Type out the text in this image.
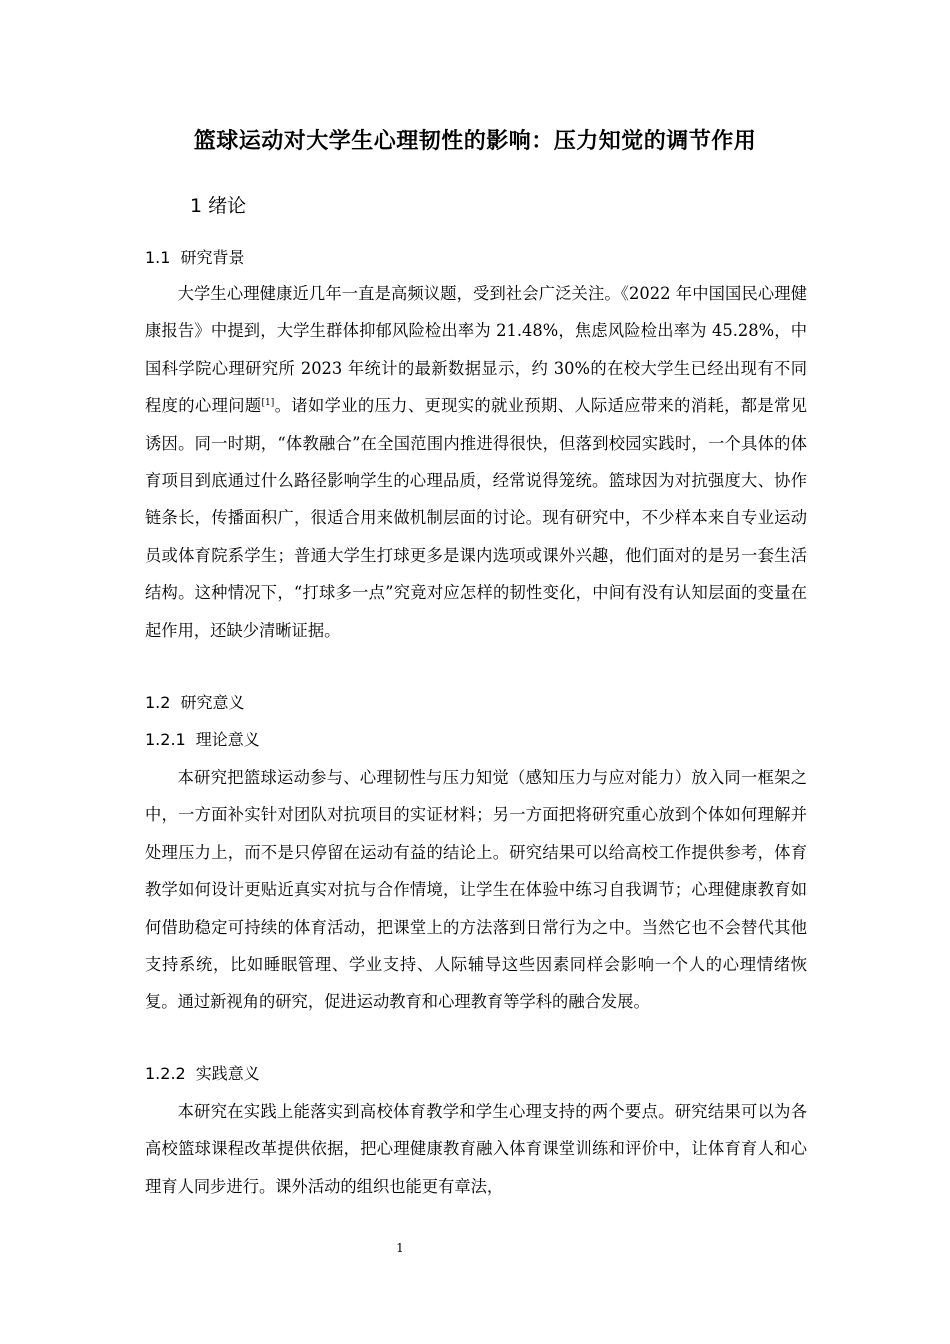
篮球运动对大学生心理韧性的影响：压力知觉的调节作用
1 绪论
1.1 研究背景

大学生心理健康近几年一直是高频议题，受到社会广泛关注。《2022 年中国国民心理健康报告》中提到，大学生群体抑郁风险检出率为 21.48%，焦虑风险检出率为 45.28%，中国科学院心理研究所 2023 年统计的最新数据显示，约 30%的在校大学生已经出现有不同程度的心理问题[1]。诸如学业的压力、更现实的就业预期、人际适应带来的消耗，都是常见诱因。同一时期，“体教融合”在全国范围内推进得很快，但落到校园实践时，一个具体的体育项目到底通过什么路径影响学生的心理品质，经常说得笼统。篮球因为对抗强度大、协作链条长，传播面积广，很适合用来做机制层面的讨论。现有研究中，不少样本来自专业运动员或体育院系学生；普通大学生打球更多是课内选项或课外兴趣，他们面对的是另一套生活结构。这种情况下，“打球多一点”究竟对应怎样的韧性变化，中间有没有认知层面的变量在起作用，还缺少清晰证据。

1.2 研究意义
1.2.1 理论意义

本研究把篮球运动参与、心理韧性与压力知觉（感知压力与应对能力）放入同一框架之中，一方面补实针对团队对抗项目的实证材料；另一方面把将研究重心放到个体如何理解并处理压力上，而不是只停留在运动有益的结论上。研究结果可以给高校工作提供参考，体育教学如何设计更贴近真实对抗与合作情境，让学生在体验中练习自我调节；心理健康教育如何借助稳定可持续的体育活动，把课堂上的方法落到日常行为之中。当然它也不会替代其他支持系统，比如睡眠管理、学业支持、人际辅导这些因素同样会影响一个人的心理情绪恢复。通过新视角的研究，促进运动教育和心理教育等学科的融合发展。

1.2.2 实践意义

本研究在实践上能落实到高校体育教学和学生心理支持的两个要点。研究结果可以为各高校篮球课程改革提供依据，把心理健康教育融入体育课堂训练和评价中，让体育育人和心理育人同步进行。课外活动的组织也能更有章法，

1
